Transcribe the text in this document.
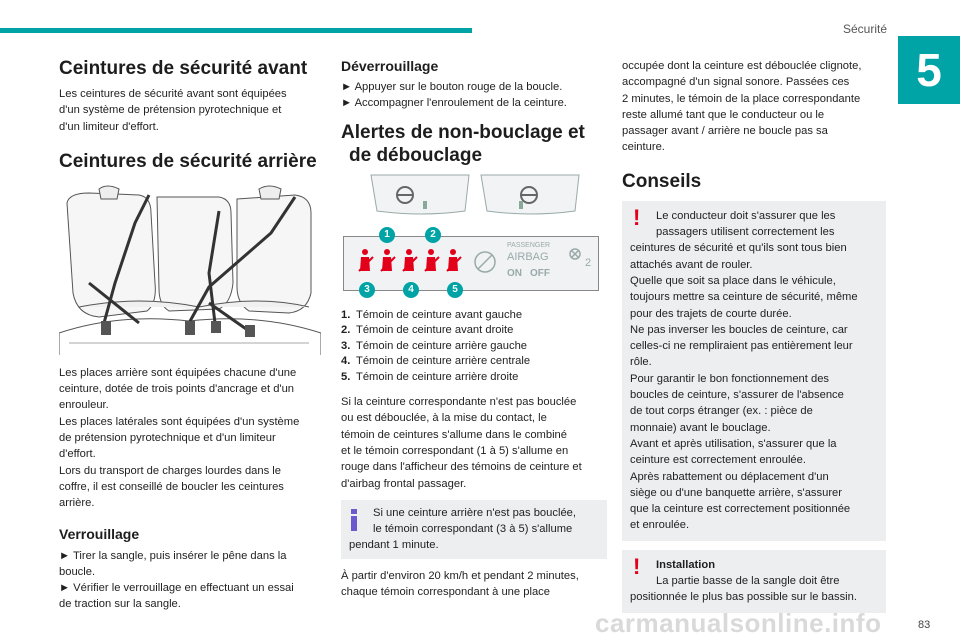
Sécurité
5
Ceintures de sécurité avant

Les ceintures de sécurité avant sont équipées

d'un système de prétension pyrotechnique et

d'un limiteur d'effort.

Ceintures de sécurité arrière

Les places arrière sont équipées chacune d'une

ceinture, dotée de trois points d'ancrage et d'un

enrouleur.

Les places latérales sont équipées d'un système

de prétension pyrotechnique et d'un limiteur

d'effort.

Lors du transport de charges lourdes dans le

coffre, il est conseillé de boucler les ceintures

arrière.

Verrouillage

► Tirer la sangle, puis insérer le pêne dans la

boucle.

► Vérifier le verrouillage en effectuant un essai

de traction sur la sangle.

Déverrouillage

► Appuyer sur le bouton rouge de la boucle.

► Accompagner l'enroulement de la ceinture.

Alertes de non-bouclage et
de débouclage
PASSENGER
AIRBAG
ON OFF
2
1	2
3	4	5
1. Témoin de ceinture avant gauche
2. Témoin de ceinture avant droite
3. Témoin de ceinture arrière gauche
4. Témoin de ceinture arrière centrale
5. Témoin de ceinture arrière droite

Si la ceinture correspondante n'est pas bouclée

ou est débouclée, à la mise du contact, le

témoin de ceintures s'allume dans le combiné

et le témoin correspondant (1 à 5) s'allume en

rouge dans l'afficheur des témoins de ceinture et

d'airbag frontal passager.

Si une ceinture arrière n'est pas bouclée,

le témoin correspondant (3 à 5) s'allume

pendant 1 minute.

À partir d'environ 20 km/h et pendant 2 minutes,

chaque témoin correspondant à une place

occupée dont la ceinture est débouclée clignote,

accompagné d'un signal sonore. Passées ces

2 minutes, le témoin de la place correspondante

reste allumé tant que le conducteur ou le

passager avant / arrière ne boucle pas sa

ceinture.

Conseils
!	Le conducteur doit s'assurer que les

passagers utilisent correctement les

ceintures de sécurité et qu'ils sont tous bien

attachés avant de rouler.

Quelle que soit sa place dans le véhicule,

toujours mettre sa ceinture de sécurité, même

pour des trajets de courte durée.

Ne pas inverser les boucles de ceinture, car

celles-ci ne rempliraient pas entièrement leur

rôle.

Pour garantir le bon fonctionnement des

boucles de ceinture, s'assurer de l'absence

de tout corps étranger (ex. : pièce de

monnaie) avant le bouclage.

Avant et après utilisation, s'assurer que la

ceinture est correctement enroulée.

Après rabattement ou déplacement d'un

siège ou d'une banquette arrière, s'assurer

que la ceinture est correctement positionnée

et enroulée.

!	Installation

La partie basse de la sangle doit être

positionnée le plus bas possible sur le bassin.

83
carmanualsonline.info
